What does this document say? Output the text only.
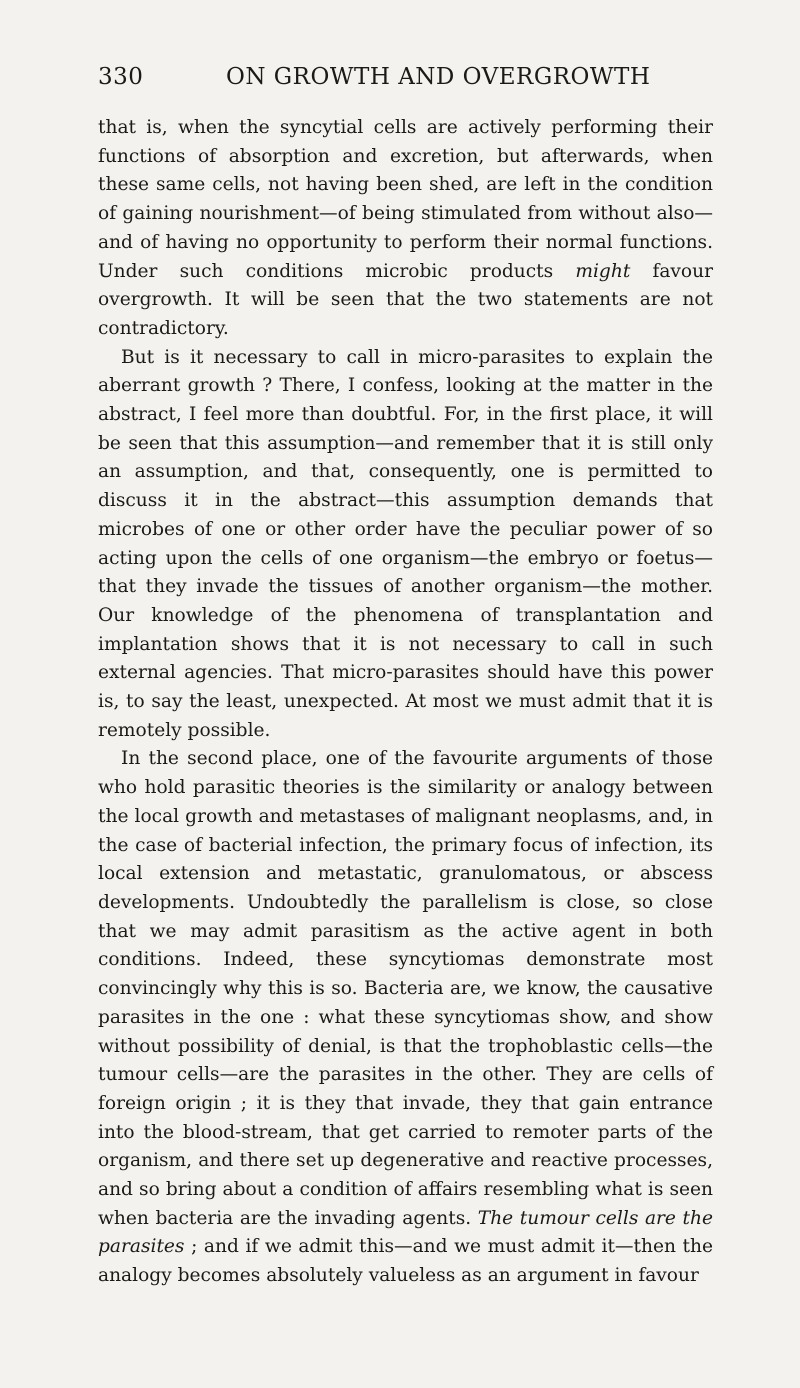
330	ON GROWTH AND OVERGROWTH

that is, when the syncytial cells are actively performing their functions of absorption and excretion, but afterwards, when these same cells, not having been shed, are left in the condition of gaining nourishment—of being stimulated from without also—and of having no opportunity to perform their normal functions. Under such conditions microbic products might favour overgrowth. It will be seen that the two statements are not contradictory.

But is it necessary to call in micro-parasites to explain the aberrant growth ? There, I confess, looking at the matter in the abstract, I feel more than doubtful. For, in the first place, it will be seen that this assumption—and remember that it is still only an assumption, and that, consequently, one is permitted to discuss it in the abstract—this assumption demands that microbes of one or other order have the peculiar power of so acting upon the cells of one organism—the embryo or foetus—that they invade the tissues of another organism—the mother. Our knowledge of the phenomena of transplantation and implantation shows that it is not necessary to call in such external agencies. That micro-parasites should have this power is, to say the least, unexpected. At most we must admit that it is remotely possible.

In the second place, one of the favourite arguments of those who hold parasitic theories is the similarity or analogy between the local growth and metastases of malignant neoplasms, and, in the case of bacterial infection, the primary focus of infection, its local extension and metastatic, granulomatous, or abscess developments. Undoubtedly the parallelism is close, so close that we may admit parasitism as the active agent in both conditions. Indeed, these syncytiomas demonstrate most convincingly why this is so. Bacteria are, we know, the causative parasites in the one : what these syncytiomas show, and show without possibility of denial, is that the trophoblastic cells—the tumour cells—are the parasites in the other. They are cells of foreign origin ; it is they that invade, they that gain entrance into the blood-stream, that get carried to remoter parts of the organism, and there set up degenerative and reactive processes, and so bring about a condition of affairs resembling what is seen when bacteria are the invading agents. The tumour cells are the parasites ; and if we admit this—and we must admit it—then the analogy becomes absolutely valueless as an argument in favour
